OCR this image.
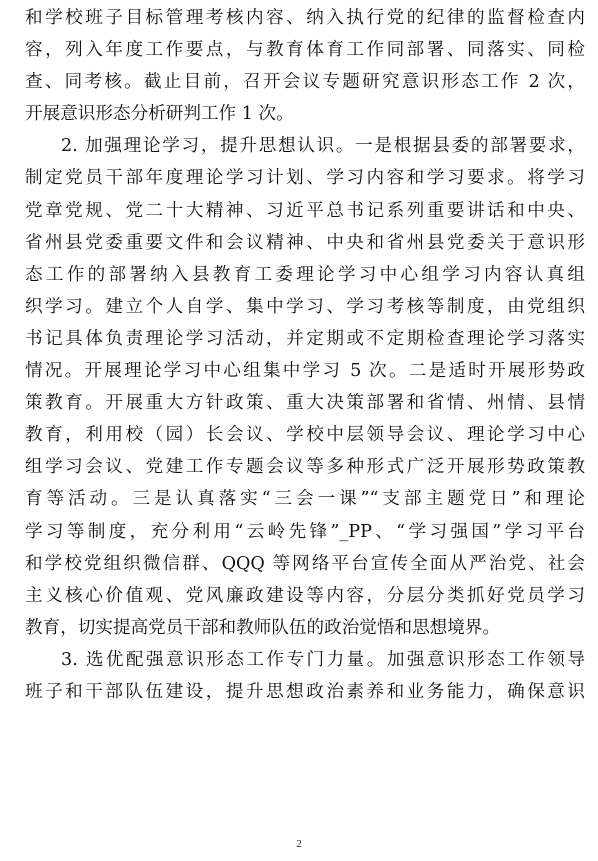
和学校班子目标管理考核内容、纳入执行党的纪律的监督检查内
容，列入年度工作要点，与教育体育工作同部署、同落实、同检
查、同考核。截止目前，召开会议专题研究意识形态工作 2 次，
开展意识形态分析研判工作 1 次。
2. 加强理论学习，提升思想认识。一是根据县委的部署要求，
制定党员干部年度理论学习计划、学习内容和学习要求。将学习
党章党规、党二十大精神、习近平总书记系列重要讲话和中央、
省州县党委重要文件和会议精神、中央和省州县党委关于意识形
态工作的部署纳入县教育工委理论学习中心组学习内容认真组
织学习。建立个人自学、集中学习、学习考核等制度，由党组织
书记具体负责理论学习活动，并定期或不定期检查理论学习落实
情况。开展理论学习中心组集中学习 5 次。二是适时开展形势政
策教育。开展重大方针政策、重大决策部署和省情、州情、县情
教育，利用校（园）长会议、学校中层领导会议、理论学习中心
组学习会议、党建工作专题会议等多种形式广泛开展形势政策教
育等活动。三是认真落实“三会一课”“支部主题党日”和理论
学习等制度，充分利用“云岭先锋”_PP、“学习强国”学习平台
和学校党组织微信群、QQQ 等网络平台宣传全面从严治党、社会
主义核心价值观、党风廉政建设等内容，分层分类抓好党员学习
教育，切实提高党员干部和教师队伍的政治觉悟和思想境界。
3. 选优配强意识形态工作专门力量。加强意识形态工作领导
班子和干部队伍建设，提升思想政治素养和业务能力，确保意识
2
